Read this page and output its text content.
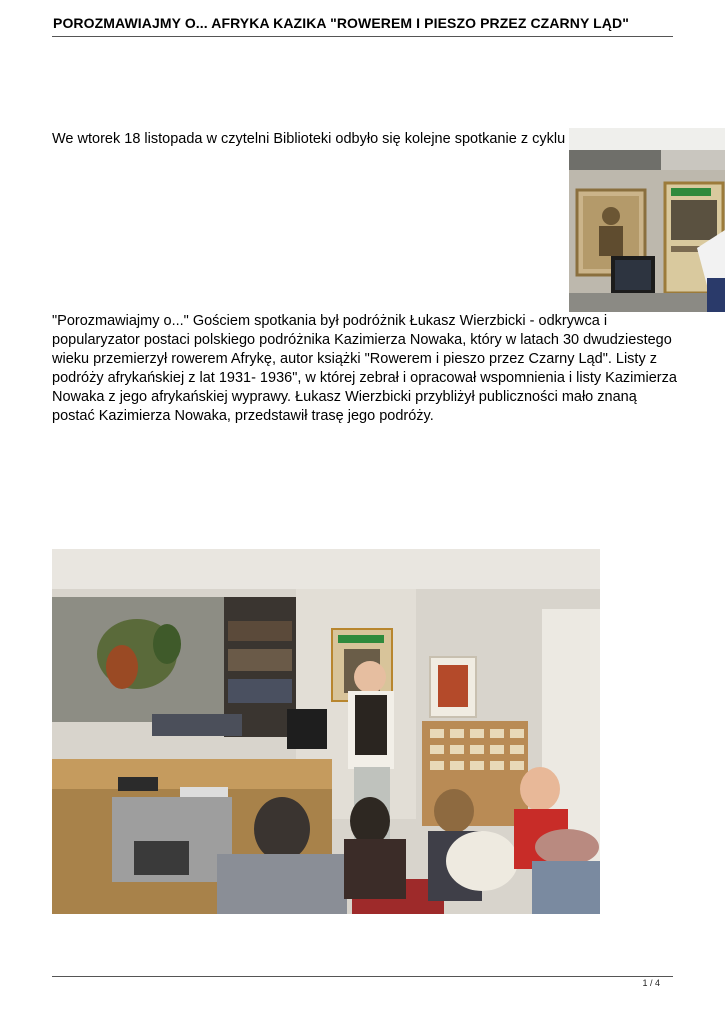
POROZMAWIAJMY O... AFRYKA KAZIKA "ROWEREM I PIESZO PRZEZ CZARNY LĄD"
We wtorek 18 listopada w czytelni Biblioteki odbyło się kolejne spotkanie z cyklu
"Porozmawiajmy o..." Gościem spotkania był podróżnik Łukasz Wierzbicki - odkrywca i popularyzator postaci polskiego podróżnika Kazimierza Nowaka, który w latach 30 dwudziestego wieku przemierzył rowerem Afrykę, autor książki "Rowerem i pieszo przez Czarny Ląd". Listy z podróży afrykańskiej z lat 1931- 1936", w której zebrał i opracował wspomnienia i listy Kazimierza Nowaka z jego afrykańskiej wyprawy. Łukasz Wierzbicki przybliżył publiczności mało znaną postać Kazimierza Nowaka, przedstawił trasę jego podróży.
1 / 4
